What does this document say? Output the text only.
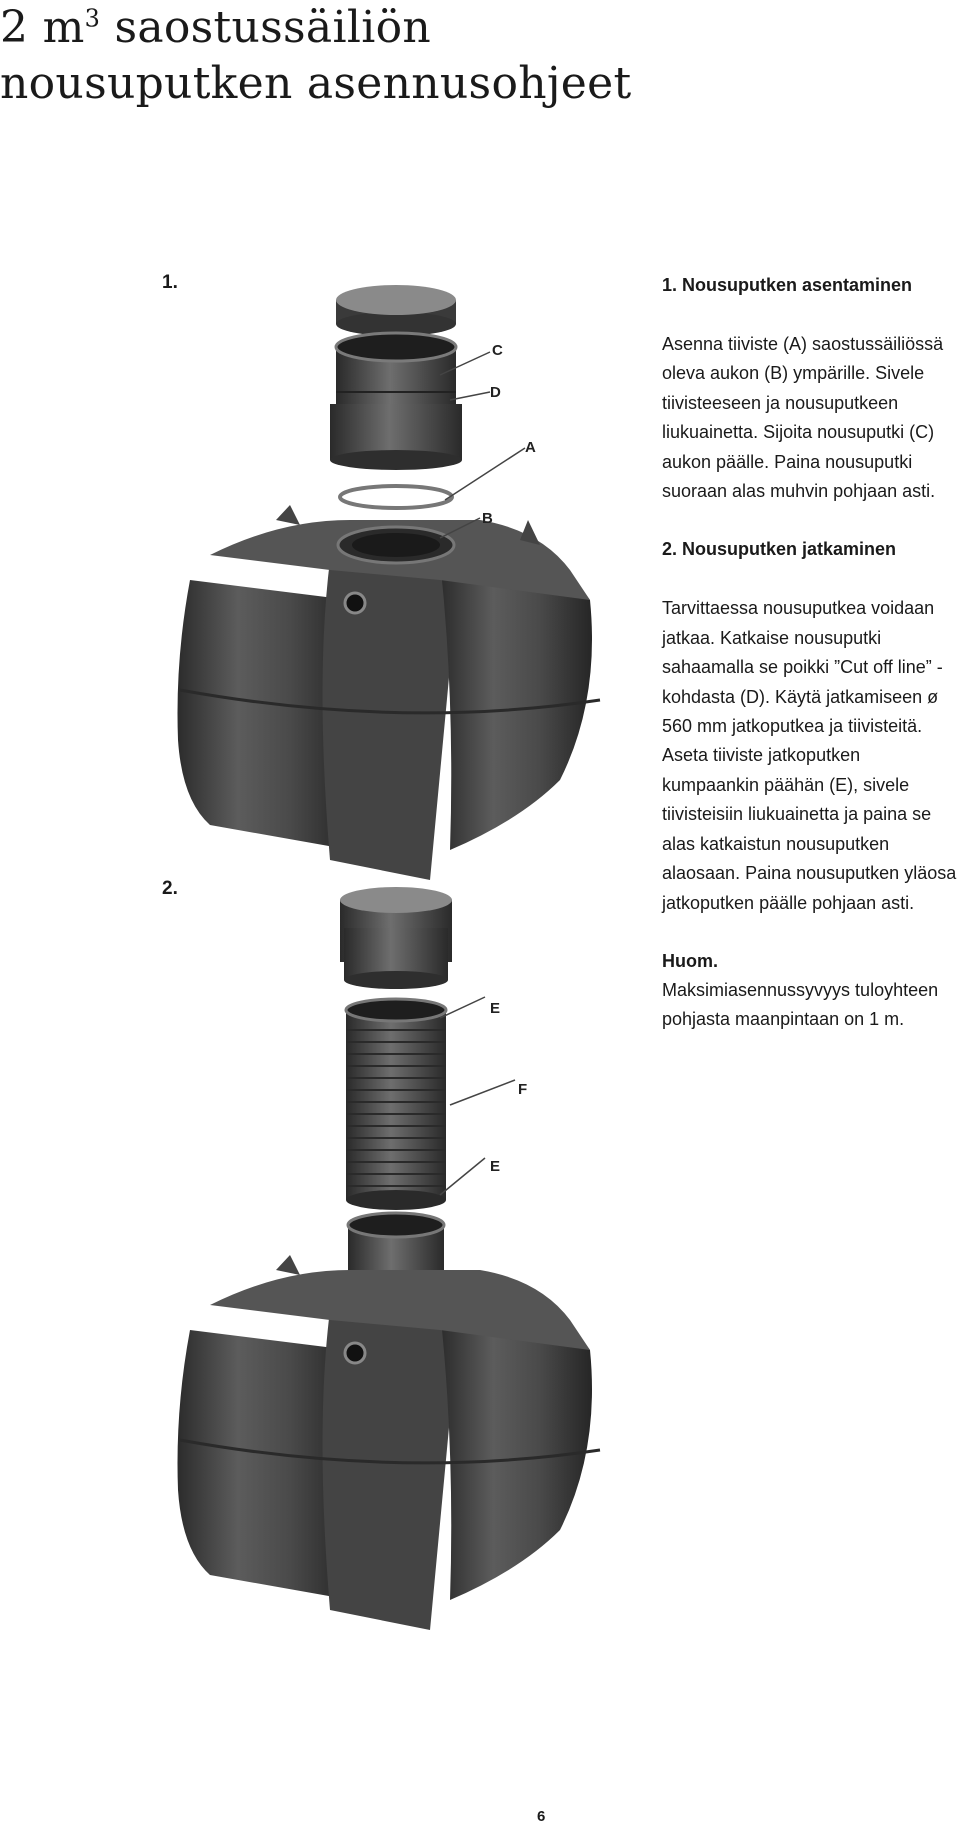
2 $m^3$ saostussäiliön
nousuputken asennusohjeet
1.
2.
C
D
A
B
E
F
E
1. Nousuputken asentaminen

Asenna tiiviste (A) saostussäiliössä oleva aukon (B) ympärille. Sivele tiivisteeseen ja nousuputkeen liukuainetta. Sijoita nousuputki (C) aukon päälle. Paina nousuputki suoraan alas muhvin pohjaan asti.

2. Nousuputken jatkaminen

Tarvittaessa nousuputkea voidaan jatkaa. Katkaise nousuputki sahaamalla se poikki ”Cut off line” -kohdasta (D). Käytä jatkamiseen ø 560 mm jatkoputkea ja tiivisteitä. Aseta tiiviste jatkoputken kumpaankin päähän (E), sivele tiivisteisiin liukuainetta ja paina se alas katkaistun nousuputken alaosaan. Paina nousuputken yläosa jatkoputken päälle pohjaan asti.

Huom.

Maksimiasennussyvyys tuloyhteen pohjasta maanpintaan on 1 m.

6
